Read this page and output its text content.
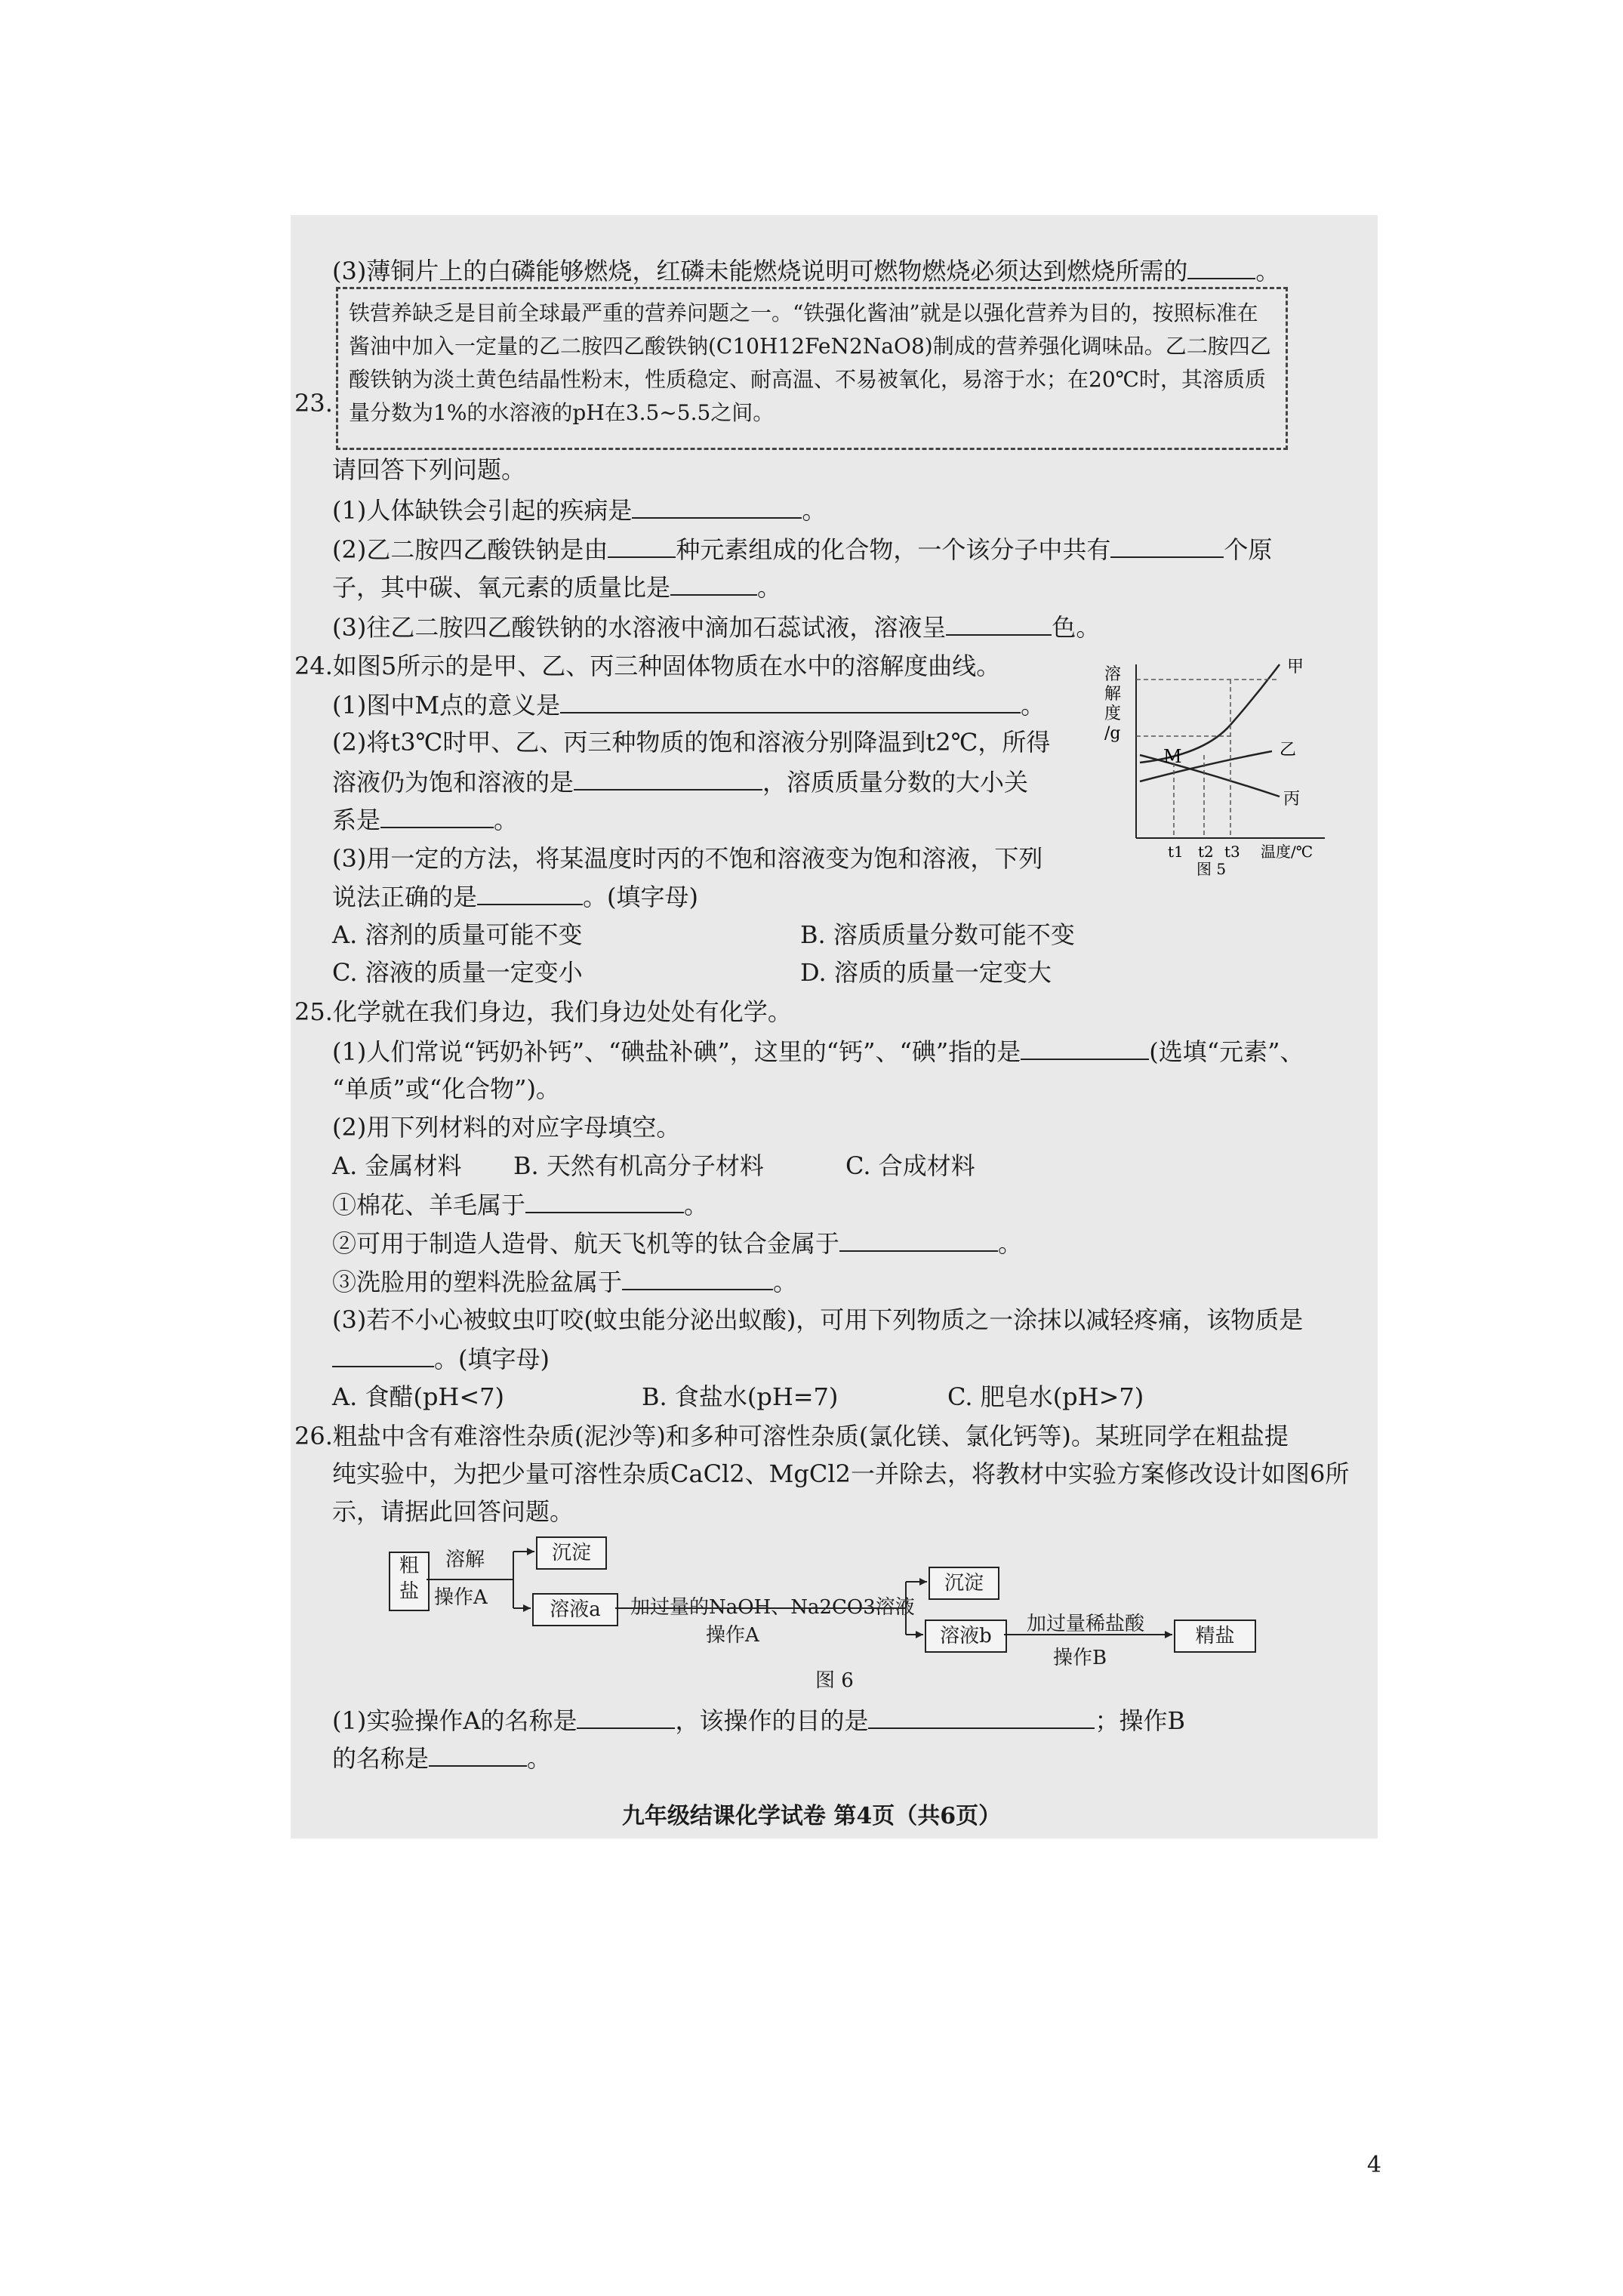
(3)薄铜片上的白磷能够燃烧，红磷未能燃烧说明可燃物燃烧必须达到燃烧所需的	。
23.
铁营养缺乏是目前全球最严重的营养问题之一。“铁强化酱油”就是以强化营养为目的，按照标准在酱油中加入一定量的乙二胺四乙酸铁钠(C10H12FeN2NaO8)制成的营养强化调味品。乙二胺四乙酸铁钠为淡土黄色结晶性粉末，性质稳定、耐高温、不易被氧化，易溶于水；在20℃时，其溶质质量分数为1%的水溶液的pH在3.5~5.5之间。
请回答下列问题。
(1)人体缺铁会引起的疾病是	。
(2)乙二胺四乙酸铁钠是由	种元素组成的化合物，一个该分子中共有	个原
子，其中碳、氧元素的质量比是	。
(3)往乙二胺四乙酸铁钠的水溶液中滴加石蕊试液，溶液呈	色。
24.如图5所示的是甲、乙、丙三种固体物质在水中的溶解度曲线。
(1)图中M点的意义是	。
(2)将t3℃时甲、乙、丙三种物质的饱和溶液分别降温到t2℃，所得
溶液仍为饱和溶液的是	，溶质质量分数的大小关
系是	。
(3)用一定的方法，将某温度时丙的不饱和溶液变为饱和溶液，下列
说法正确的是	。(填字母)
A. 溶剂的质量可能不变	B. 溶质质量分数可能不变
C. 溶液的质量一定变小	D. 溶质的质量一定变大
溶解度/g
M
甲
乙
丙
t1 t2 t3 温度/℃
图 5
25.化学就在我们身边，我们身边处处有化学。
(1)人们常说“钙奶补钙”、“碘盐补碘”，这里的“钙”、“碘”指的是	(选填“元素”、
“单质”或“化合物”)。
(2)用下列材料的对应字母填空。
A. 金属材料 B. 天然有机高分子材料	C. 合成材料
①棉花、羊毛属于	。
②可用于制造人造骨、航天飞机等的钛合金属于	。
③洗脸用的塑料洗脸盆属于	。
(3)若不小心被蚊虫叮咬(蚊虫能分泌出蚁酸)，可用下列物质之一涂抹以减轻疼痛，该物质是
。(填字母)
A. 食醋(pH<7)	B. 食盐水(pH=7)	C. 肥皂水(pH>7)
26.粗盐中含有难溶性杂质(泥沙等)和多种可溶性杂质(氯化镁、氯化钙等)。某班同学在粗盐提
纯实验中，为把少量可溶性杂质CaCl2、MgCl2一并除去，将教材中实验方案修改设计如图6所
示，请据此回答问题。
粗
盐
溶解
操作A
沉淀
溶液a	加过量的NaOH、Na2CO3溶液
操作A
沉淀
溶液b
加过量稀盐酸
操作B
精盐
图 6
(1)实验操作A的名称是	，该操作的目的是	；操作B
的名称是	。
九年级结课化学试卷 第4页（共6页）
4
